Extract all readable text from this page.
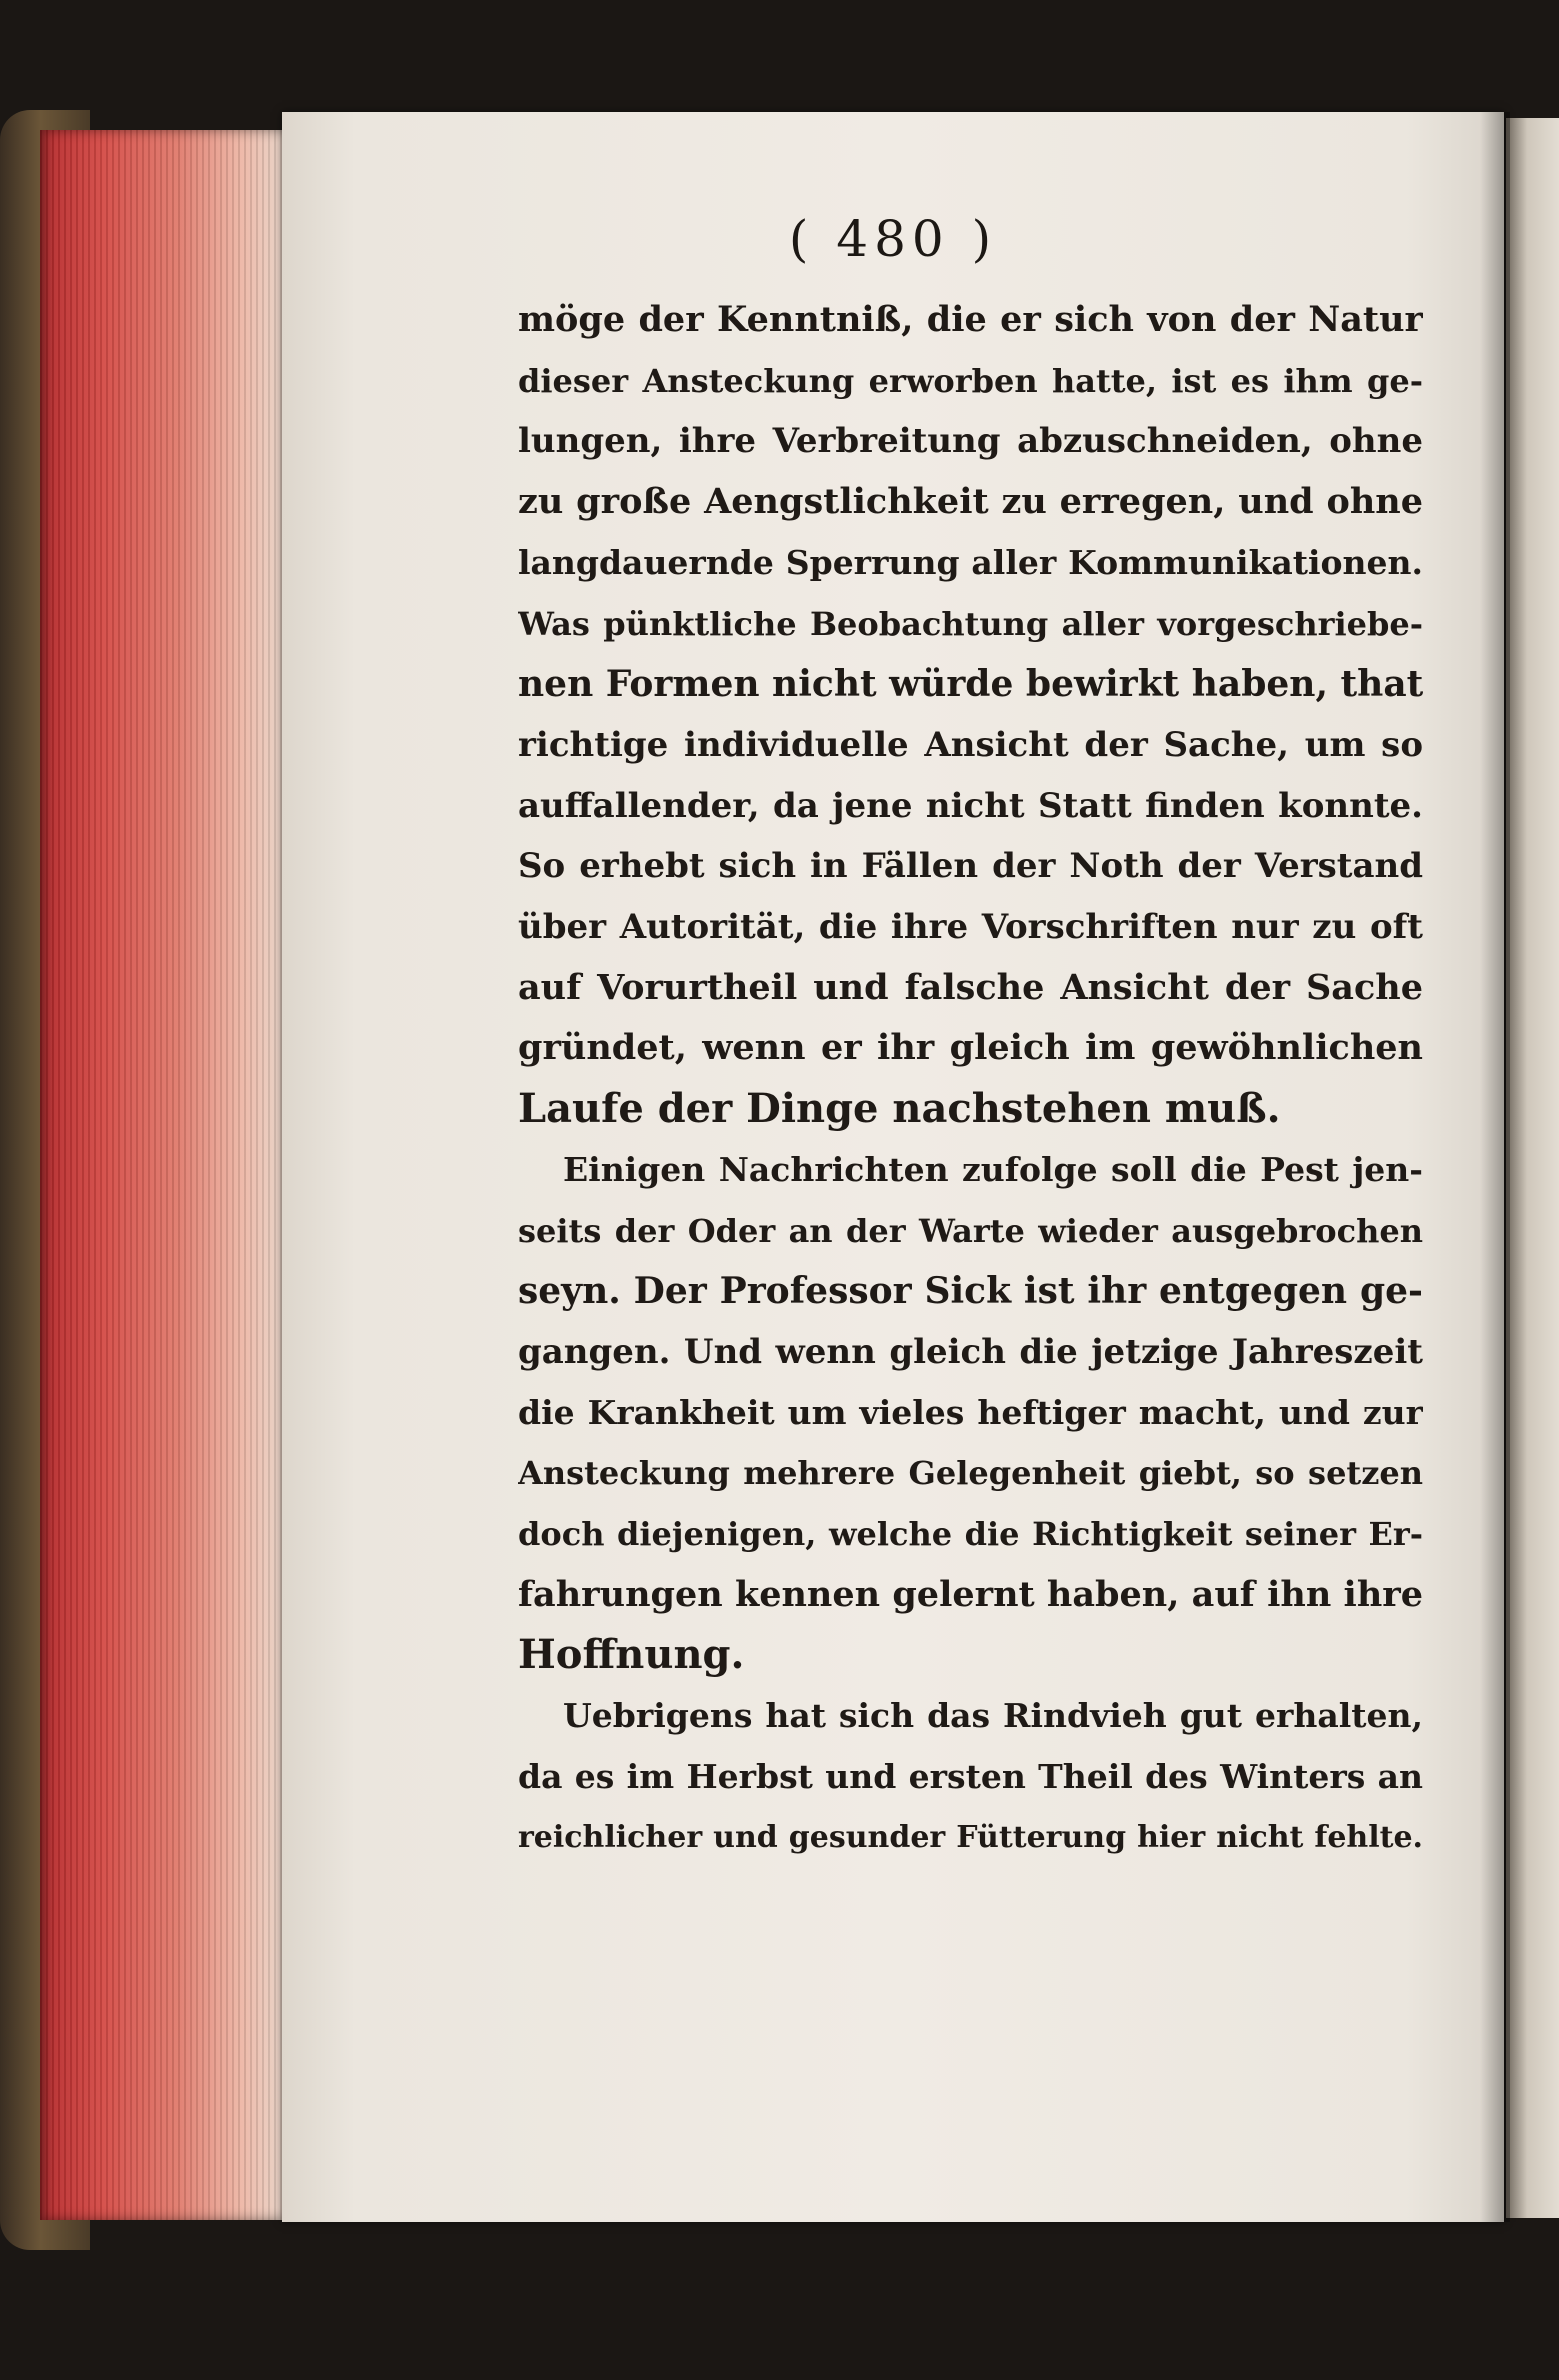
( 480 )
möge der Kenntniß, die er sich von der Natur
dieser Ansteckung erworben hatte, ist es ihm ge-
lungen, ihre Verbreitung abzuschneiden, ohne
zu große Aengstlichkeit zu erregen, und ohne
langdauernde Sperrung aller Kommunikationen.
Was pünktliche Beobachtung aller vorgeschriebe-
nen Formen nicht würde bewirkt haben, that
richtige individuelle Ansicht der Sache, um so
auffallender, da jene nicht Statt finden konnte.
So erhebt sich in Fällen der Noth der Verstand
über Autorität, die ihre Vorschriften nur zu oft
auf Vorurtheil und falsche Ansicht der Sache
gründet, wenn er ihr gleich im gewöhnlichen
Laufe der Dinge nachstehen muß.
Einigen Nachrichten zufolge soll die Pest jen-
seits der Oder an der Warte wieder ausgebrochen
seyn. Der Professor Sick ist ihr entgegen ge-
gangen. Und wenn gleich die jetzige Jahreszeit
die Krankheit um vieles heftiger macht, und zur
Ansteckung mehrere Gelegenheit giebt, so setzen
doch diejenigen, welche die Richtigkeit seiner Er-
fahrungen kennen gelernt haben, auf ihn ihre
Hoffnung.
Uebrigens hat sich das Rindvieh gut erhalten,
da es im Herbst und ersten Theil des Winters an
reichlicher und gesunder Fütterung hier nicht fehlte.
